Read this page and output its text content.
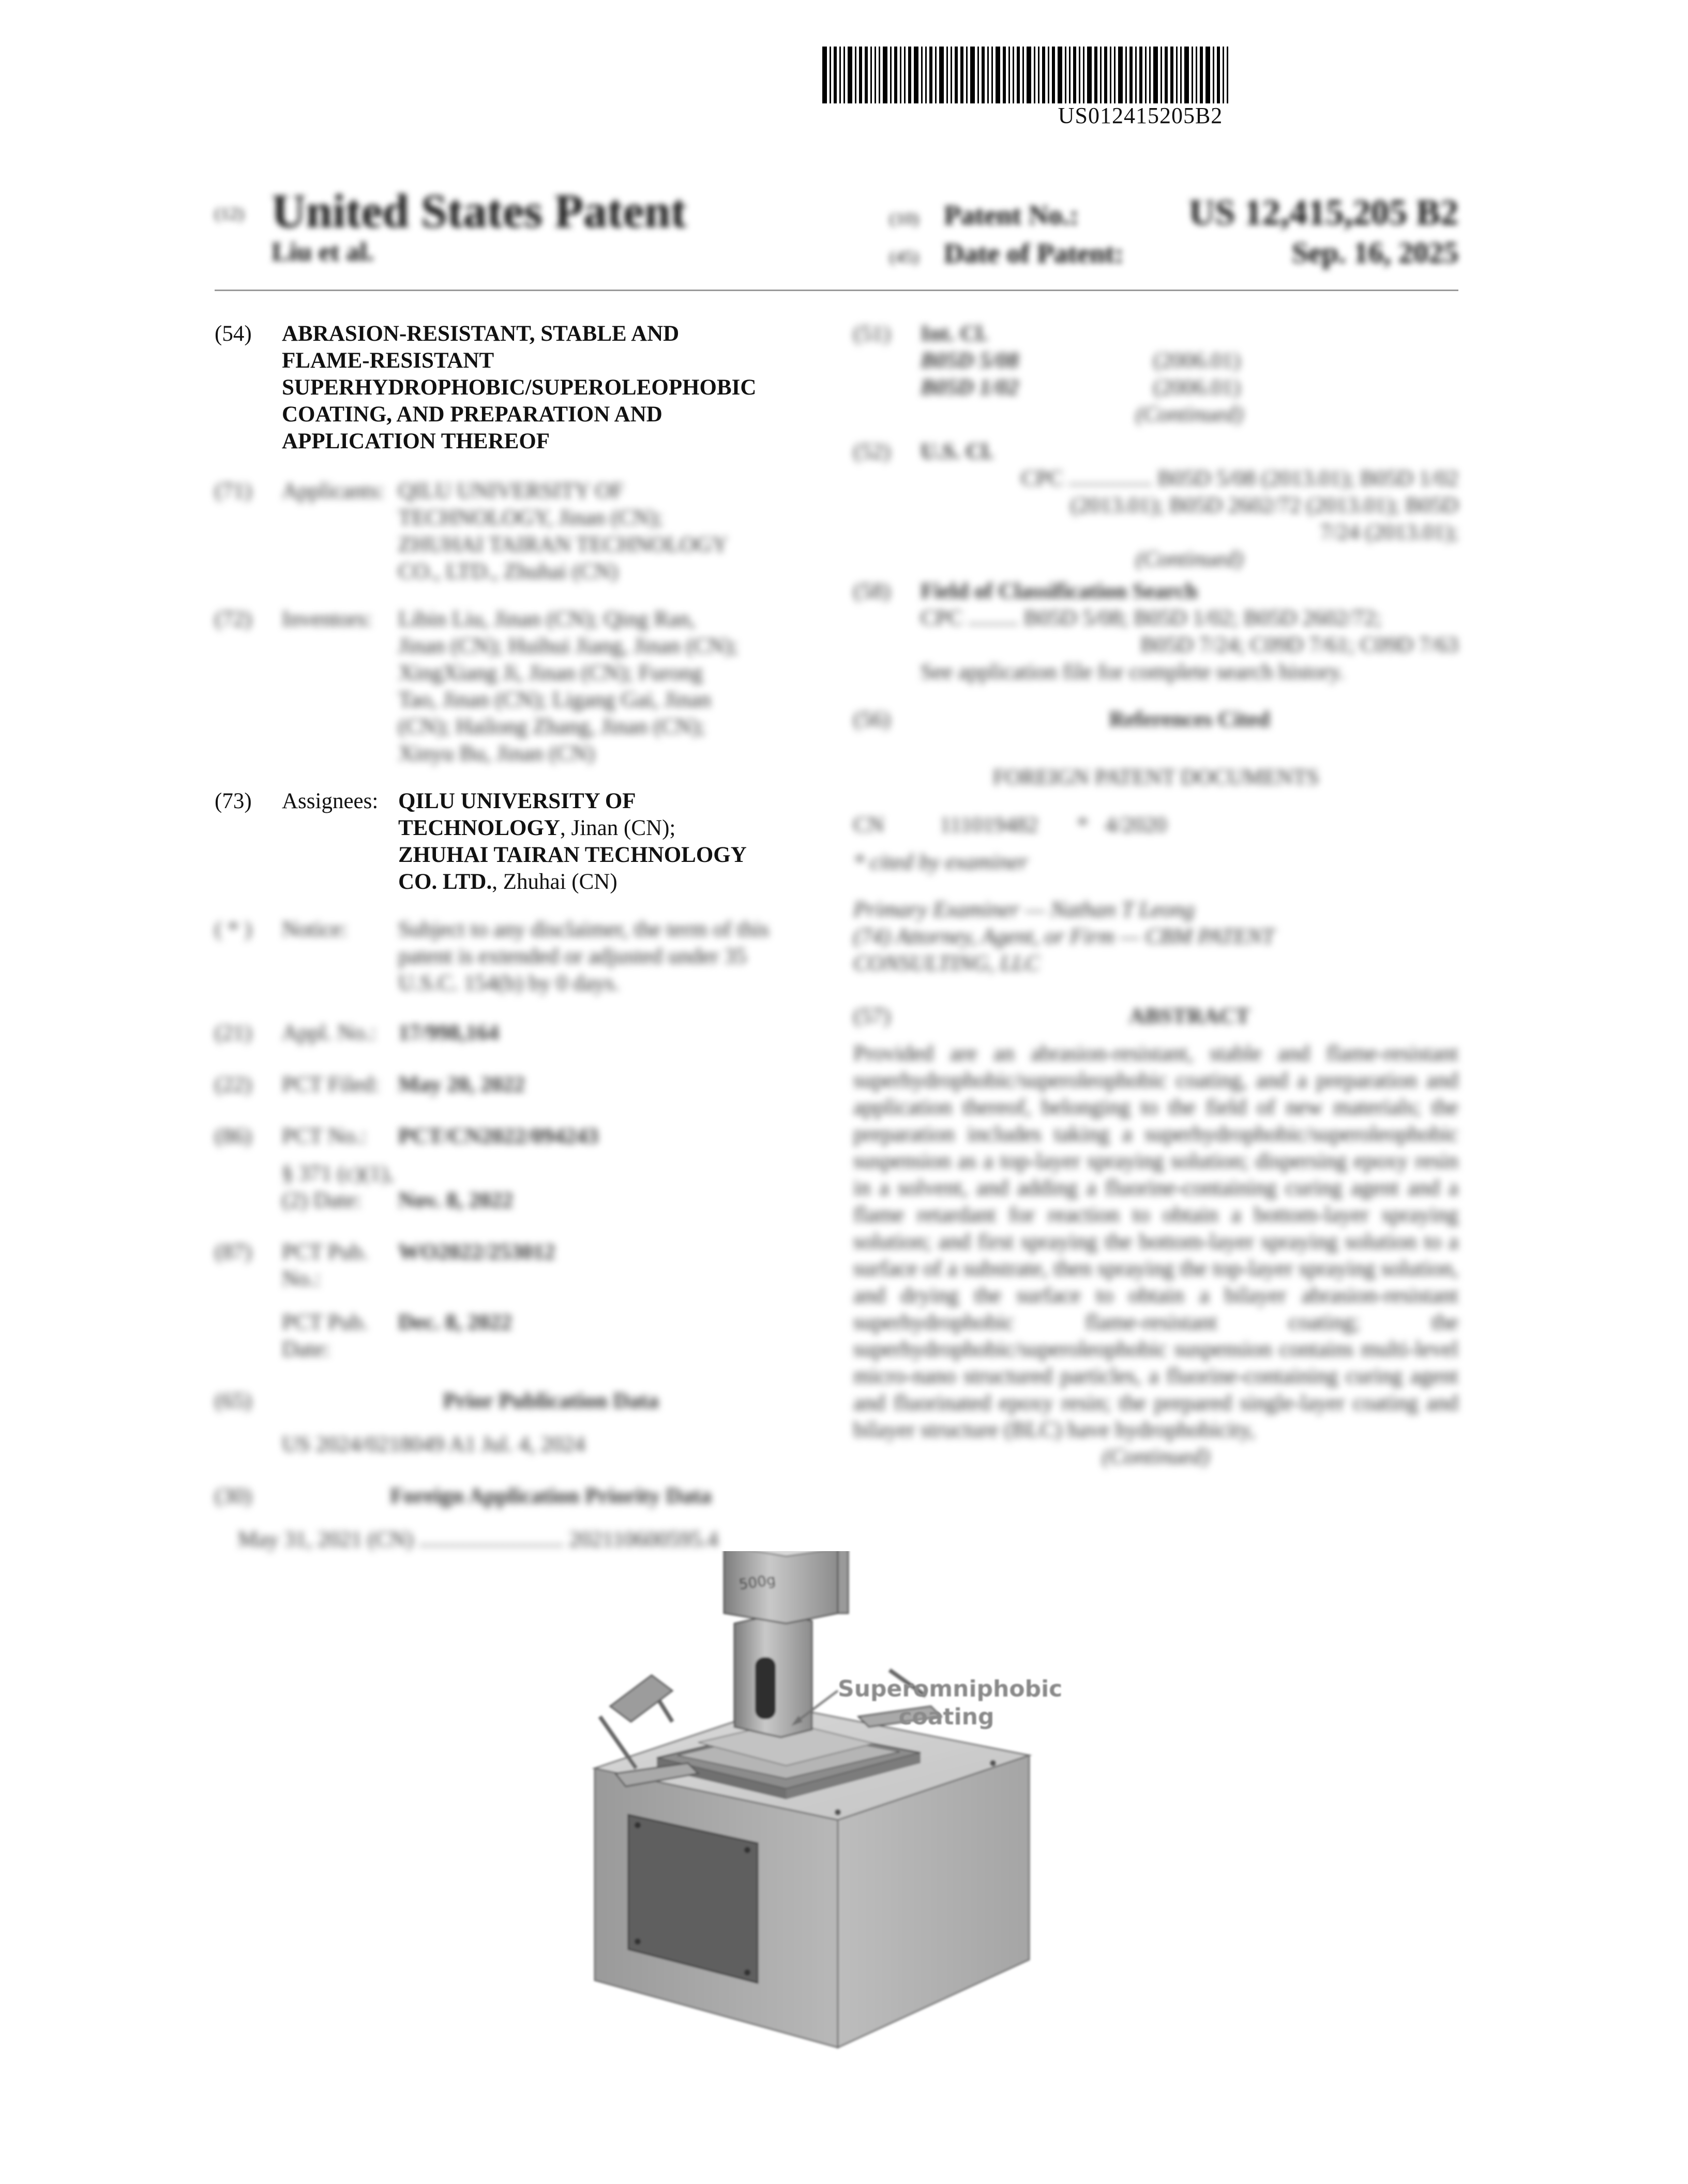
US012415205B2
(12) United States Patent
Liu et al.
(10) Patent No.:	US 12,415,205 B2
(45) Date of Patent:	Sep. 16, 2025
(54)	ABRASION-RESISTANT, STABLE AND
FLAME-RESISTANT
SUPERHYDROPHOBIC/SUPEROLEOPHOBIC
COATING, AND PREPARATION AND
APPLICATION THEREOF
(71)	Applicants: QILU UNIVERSITY OF
TECHNOLOGY, Jinan (CN);
ZHUHAI TAIRAN TECHNOLOGY
CO., LTD., Zhuhai (CN)
(72)	Inventors:	Libin Liu, Jinan (CN); Qing Ran,
Jinan (CN); Huihui Jiang, Jinan (CN);
XingXiang Ji, Jinan (CN); Furong
Tao, Jinan (CN); Ligang Gai, Jinan
(CN); Hailong Zhang, Jinan (CN);
Xinyu Bu, Jinan (CN)
(73)	Assignees: QILU UNIVERSITY OF
TECHNOLOGY, Jinan (CN);
ZHUHAI TAIRAN TECHNOLOGY
CO. LTD., Zhuhai (CN)
( * )	Notice:	Subject to any disclaimer, the term of this
patent is extended or adjusted under 35
U.S.C. 154(b) by 0 days.
(21)	Appl. No.: 17/998,164
(22)	PCT Filed: May 20, 2022
(86)	PCT No.:	PCT/CN2022/094243
§ 371 (c)(1),
(2) Date:	Nov. 8, 2022
(87)	PCT Pub. No.:
WO2022/253012
PCT Pub. Date:
Dec. 8, 2022
(65)	Prior Publication Data
US 2024/0218049 A1 Jul. 4, 2024
(30)	Foreign Application Priority Data
May 31, 2021 (CN) .......................... 202110600595.4
(51)	Int. Cl.
B05D 5/08	(2006.01)
B05D 1/02	(2006.01)
(Continued)
(52)	U.S. Cl.
CPC ............... B05D 5/08 (2013.01); B05D 1/02
(2013.01); B05D 2602/72 (2013.01); B05D
7/24 (2013.01);
(Continued)
(58)	Field of Classification Search
CPC ......... B05D 5/08; B05D 1/02; B05D 2602/72;
B05D 7/24; C09D 7/61; C09D 7/63
See application file for complete search history.
(56)	References Cited
FOREIGN PATENT DOCUMENTS
CN          111019482       *   4/2020
* cited by examiner
Primary Examiner — Nathan T Leong
(74) Attorney, Agent, or Firm — CBM PATENT
CONSULTING, LLC
(57)	ABSTRACT
Provided are an abrasion-resistant, stable and flame-resistant superhydrophobic/superoleophobic coating, and a preparation and application thereof, belonging to the field of new materials; the preparation includes taking a superhydrophobic/superoleophobic suspension as a top-layer spraying solution; dispersing epoxy resin in a solvent, and adding a fluorine-containing curing agent and a flame retardant for reaction to obtain a bottom-layer spraying solution; and first spraying the bottom-layer spraying solution to a surface of a substrate, then spraying the top-layer spraying solution, and drying the surface to obtain a bilayer abrasion-resistant superhydrophobic flame-resistant coating; the superhydrophobic/superoleophobic suspension contains multi-level micro-nano structured particles, a fluorine-containing curing agent and fluorinated epoxy resin; the prepared single-layer coating and bilayer structure (BLC) have hydrophobicity,
(Continued)
500g
Superomniphobic
coating
